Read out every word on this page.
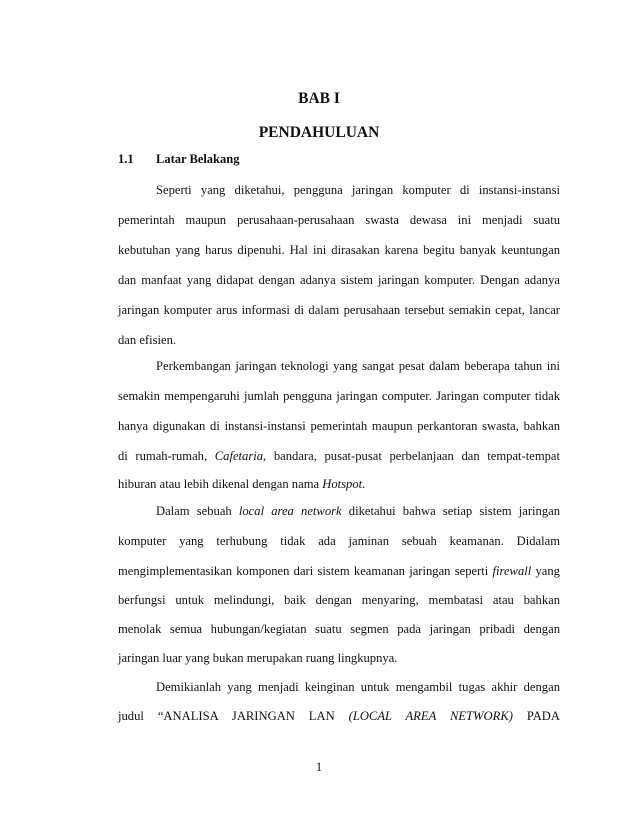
BAB I
PENDAHULUAN
1.1 Latar Belakang
Seperti yang diketahui, pengguna jaringan komputer di instansi-instansi
pemerintah maupun perusahaan-perusahaan swasta dewasa ini menjadi suatu
kebutuhan yang harus dipenuhi. Hal ini dirasakan karena begitu banyak keuntungan
dan manfaat yang didapat dengan adanya sistem jaringan komputer. Dengan adanya
jaringan komputer arus informasi di dalam perusahaan tersebut semakin cepat, lancar
dan efisien.
Perkembangan jaringan teknologi yang sangat pesat dalam beberapa tahun ini
semakin mempengaruhi jumlah pengguna jaringan computer. Jaringan computer tidak
hanya digunakan di instansi-instansi pemerintah maupun perkantoran swasta, bahkan
di rumah-rumah, Cafetaria, bandara, pusat-pusat perbelanjaan dan tempat-tempat
hiburan atau lebih dikenal dengan nama Hotspot.
Dalam sebuah local area network diketahui bahwa setiap sistem jaringan
komputer yang terhubung tidak ada jaminan sebuah keamanan. Didalam
mengimplementasikan komponen dari sistem keamanan jaringan seperti firewall yang
berfungsi untuk melindungi, baik dengan menyaring, membatasi atau bahkan
menolak semua hubungan/kegiatan suatu segmen pada jaringan pribadi dengan
jaringan luar yang bukan merupakan ruang lingkupnya.
Demikianlah yang menjadi keinginan untuk mengambil tugas akhir dengan
judul “ANALISA JARINGAN LAN (LOCAL AREA NETWORK) PADA
1
